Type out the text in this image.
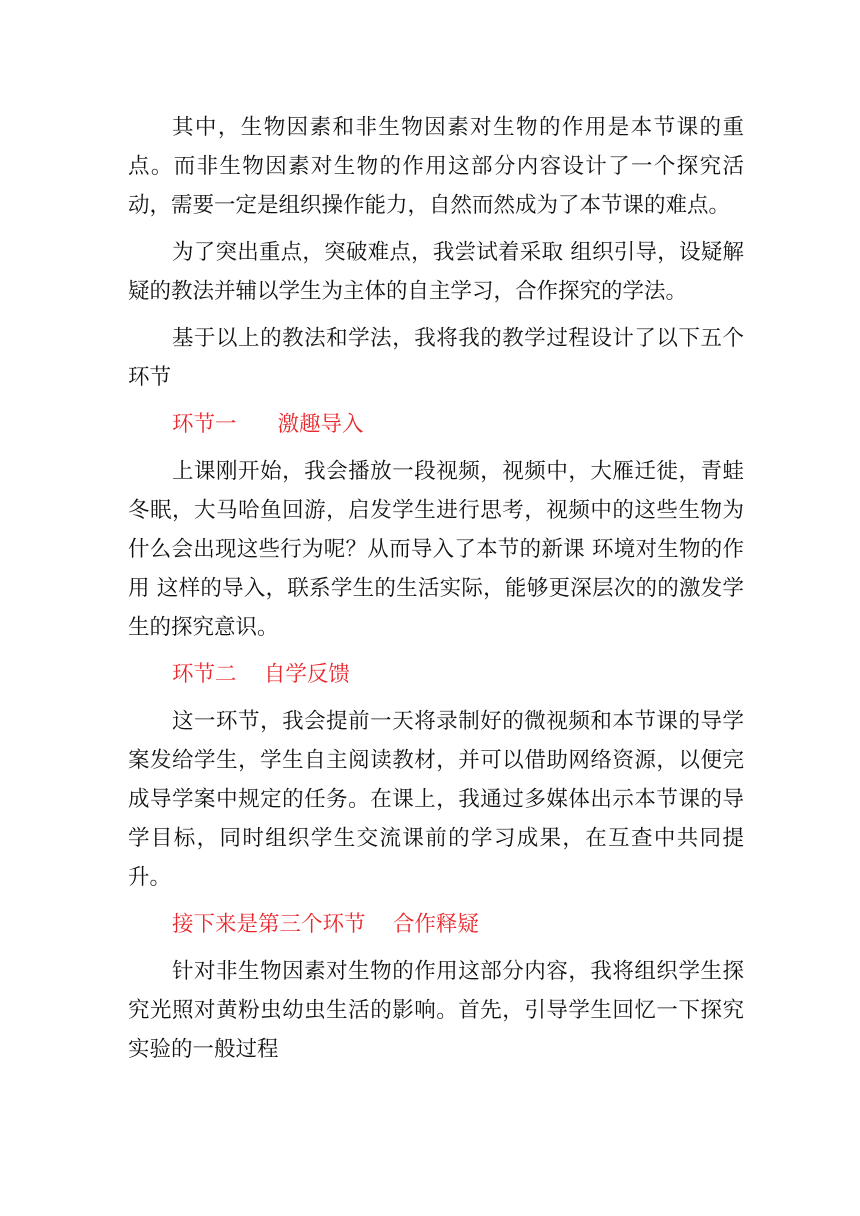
其中，生物因素和非生物因素对生物的作用是本节课的重点。而非生物因素对生物的作用这部分内容设计了一个探究活动，需要一定是组织操作能力，自然而然成为了本节课的难点。

为了突出重点，突破难点，我尝试着采取 组织引导，设疑解疑的教法并辅以学生为主体的自主学习，合作探究的学法。

基于以上的教法和学法，我将我的教学过程设计了以下五个环节

环节一      激趣导入

上课刚开始，我会播放一段视频，视频中，大雁迁徙，青蛙冬眠，大马哈鱼回游，启发学生进行思考，视频中的这些生物为什么会出现这些行为呢？从而导入了本节的新课 环境对生物的作用 这样的导入，联系学生的生活实际，能够更深层次的的激发学生的探究意识。

环节二    自学反馈

这一环节，我会提前一天将录制好的微视频和本节课的导学案发给学生，学生自主阅读教材，并可以借助网络资源，以便完成导学案中规定的任务。在课上，我通过多媒体出示本节课的导学目标，同时组织学生交流课前的学习成果，在互查中共同提升。

接下来是第三个环节    合作释疑

针对非生物因素对生物的作用这部分内容，我将组织学生探究光照对黄粉虫幼虫生活的影响。首先，引导学生回忆一下探究实验的一般过程
